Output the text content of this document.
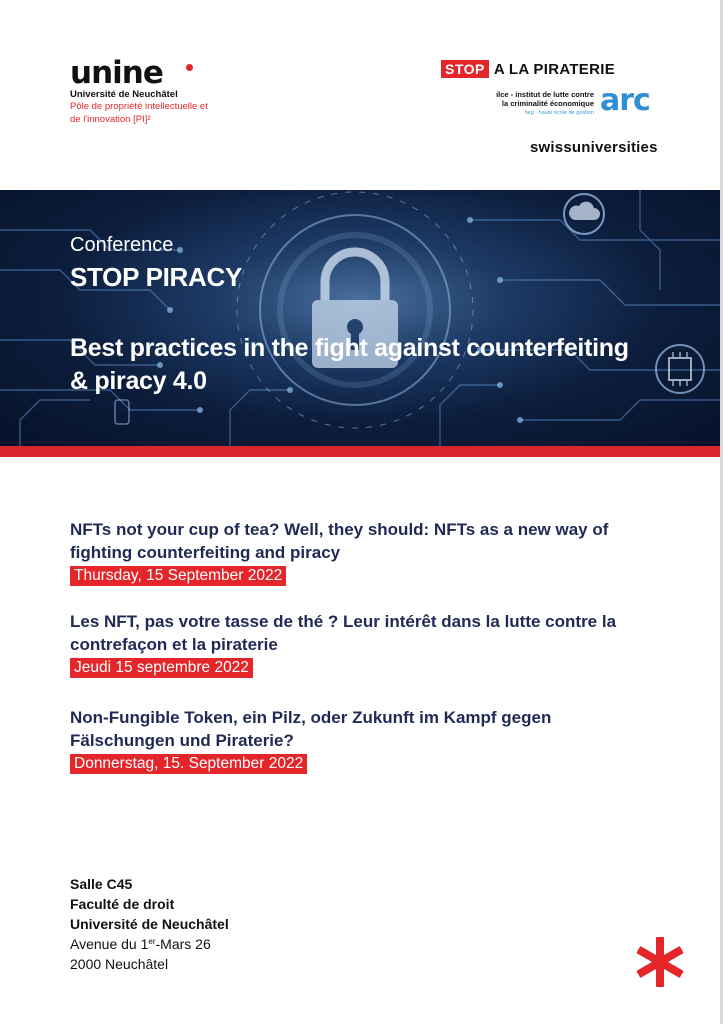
unine
Université de Neuchâtel
Pôle de propriété intellectuelle et de l'innovation [PI]²
STOP A LA PIRATERIE
ilce - institut de lutte contre la criminalité économique
heg · haute école de gestion arc
swissuniversities
Conference
STOP PIRACY
Best practices in the fight against counterfeiting & piracy 4.0
NFTs not your cup of tea? Well, they should: NFTs as a new way of fighting counterfeiting and piracy
Thursday, 15 September 2022
Les NFT, pas votre tasse de thé ? Leur intérêt dans la lutte contre la contrefaçon et la piraterie
Jeudi 15 septembre 2022
Non-Fungible Token, ein Pilz, oder Zukunft im Kampf gegen Fälschungen und Piraterie?
Donnerstag, 15. September 2022
Salle C45
Faculté de droit
Université de Neuchâtel
Avenue du 1er-Mars 26
2000 Neuchâtel
